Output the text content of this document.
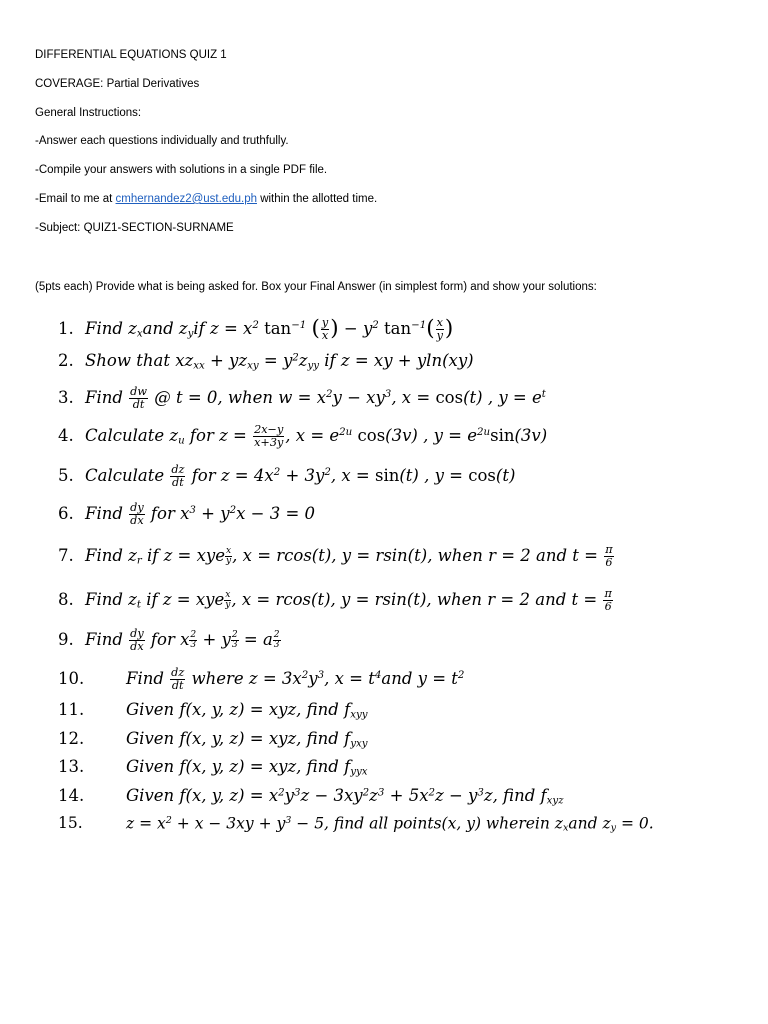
DIFFERENTIAL EQUATIONS QUIZ 1
COVERAGE: Partial Derivatives
General Instructions:
-Answer each questions individually and truthfully.
-Compile your answers with solutions in a single PDF file.
-Email to me at cmhernandez2@ust.edu.ph within the allotted time.
-Subject: QUIZ1-SECTION-SURNAME
(5pts each) Provide what is being asked for. Box your Final Answer (in simplest form) and show your solutions:
1. Find $z_xand$ $z_yif$ $z = x^2$ $\tan^{-1}$ ( $\frac{y}{x}$ ) − $y^2$ $\tan^{-1}( \frac{x}{y}$ )
2. Show that $xz_{xx} + yz_{xy} = y^2z_{yy}$ if z = xy + yln(xy)
3. Find $\frac{dw}{dt}$ @ t = 0, when $w = x^2y - xy^3$, x = cos(t) , $y = e^t$
4. Calculate $z_u$ for $z = \frac{2x-y}{x+3y}$ , $x = e^{2u}$ cos(3v) , $y = e^{2u}\sin(3v)$
5. Calculate $\frac{dz}{dt}$ for $z = 4x^2 + 3y^2$, x = sin(t) , y = cos(t)
6. Find $\frac{dy}{dx}$ for $x^3 + y^2x - 3 = 0$
7. Find $z_r$ if z = xye $\frac{x}{y}$ , x = rcos(t), y = rsin(t), when r = 2 and $t = \frac{\pi}{6}$
8. Find $z_t$ if z = xye $\frac{x}{y}$ , x = rcos(t), y = rsin(t), when r = 2 and $t = \frac{\pi}{6}$
9. Find $\frac{dy}{dx}$ for x $\frac{2}{3} + y \frac{2}{3} = a \frac{2}{3}$
10.	Find $\frac{dz}{dt}$ where $z = 3x^2y^3$, $x = t^4and$ $y = t^2$
11.	Given f(x, y, z) = xyz, find $f_{xyy}$
12.	Given f(x, y, z) = xyz, find $f_{yxy}$
13.	Given f(x, y, z) = xyz, find $f_{yyx}$
14.	Given f(x, y, $z) = x^2y^3z - 3xy^2z^3 + 5x^2z - y^3z$, find $f_{xyz}$
15.	$z = x^2 + x - 3xy + y^3 - 5$, find all points(x, y) wherein $z_xand$ $z_y = 0$.
